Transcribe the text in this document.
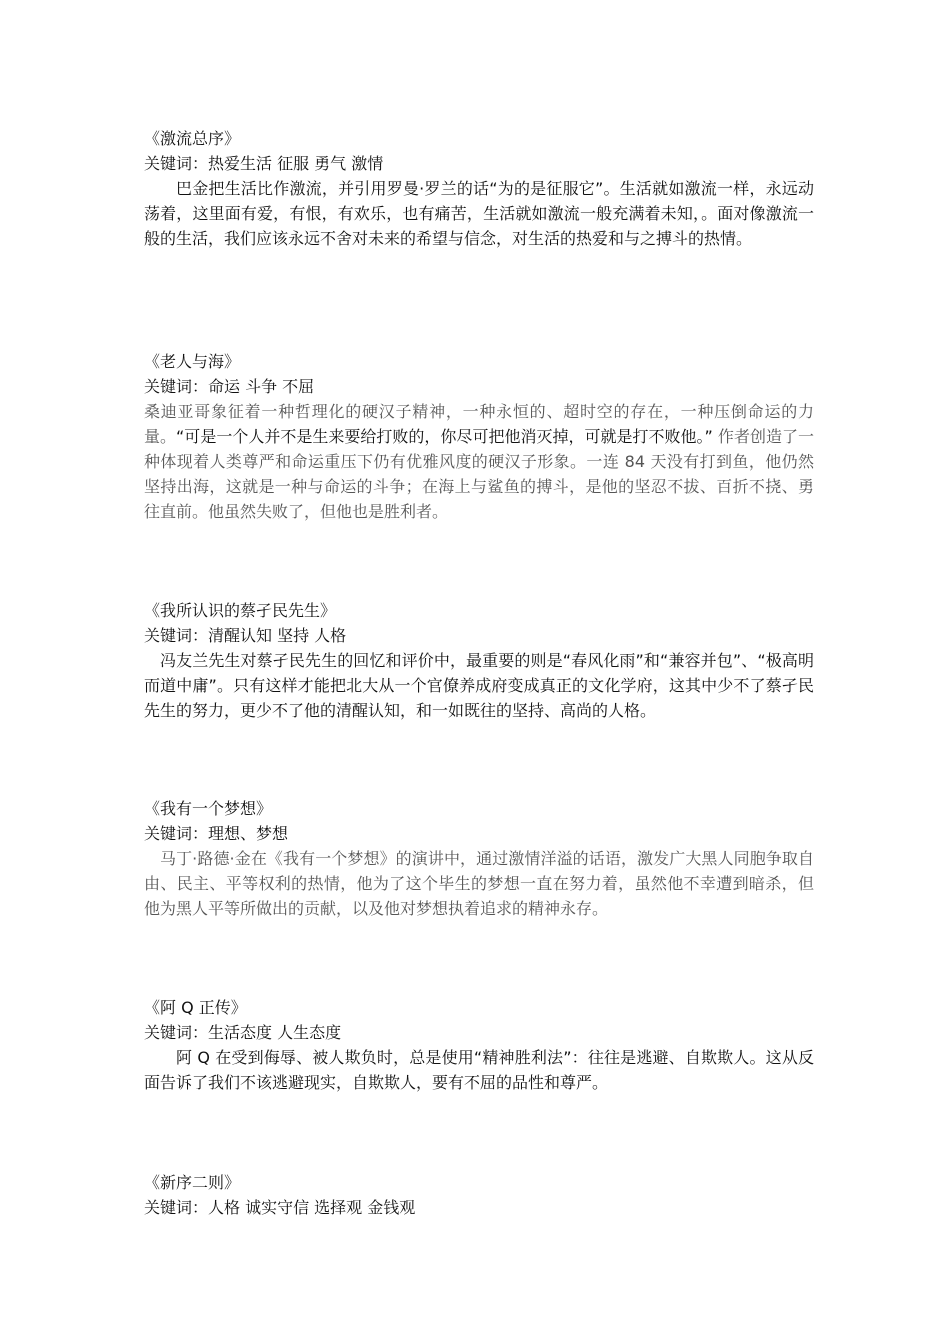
《激流总序》
关键词：热爱生活 征服 勇气 激情

巴金把生活比作激流，并引用罗曼·罗兰的话“为的是征服它”。生活就如激流一样，永远动荡着，这里面有爱，有恨，有欢乐，也有痛苦，生活就如激流一般充满着未知，。面对像激流一般的生活，我们应该永远不舍对未来的希望与信念，对生活的热爱和与之搏斗的热情。

《老人与海》
关键词：命运 斗争 不屈

桑迪亚哥象征着一种哲理化的硬汉子精神，一种永恒的、超时空的存在，一种压倒命运的力量。“可是一个人并不是生来要给打败的，你尽可把他消灭掉，可就是打不败他。” 作者创造了一种体现着人类尊严和命运重压下仍有优雅风度的硬汉子形象。一连 84 天没有打到鱼，他仍然坚持出海，这就是一种与命运的斗争；在海上与鲨鱼的搏斗，是他的坚忍不拔、百折不挠、勇往直前。他虽然失败了，但他也是胜利者。

《我所认识的蔡孑民先生》
关键词：清醒认知 坚持 人格

冯友兰先生对蔡孑民先生的回忆和评价中，最重要的则是“春风化雨”和“兼容并包”、“极高明而道中庸”。只有这样才能把北大从一个官僚养成府变成真正的文化学府，这其中少不了蔡孑民先生的努力，更少不了他的清醒认知，和一如既往的坚持、高尚的人格。

《我有一个梦想》
关键词：理想、梦想

马丁·路德·金在《我有一个梦想》的演讲中，通过激情洋溢的话语，激发广大黑人同胞争取自由、民主、平等权利的热情，他为了这个毕生的梦想一直在努力着，虽然他不幸遭到暗杀，但他为黑人平等所做出的贡献，以及他对梦想执着追求的精神永存。

《阿 Q 正传》
关键词：生活态度 人生态度

阿 Q 在受到侮辱、被人欺负时，总是使用“精神胜利法”：往往是逃避、自欺欺人。这从反面告诉了我们不该逃避现实，自欺欺人，要有不屈的品性和尊严。

《新序二则》
关键词：人格 诚实守信 选择观 金钱观
